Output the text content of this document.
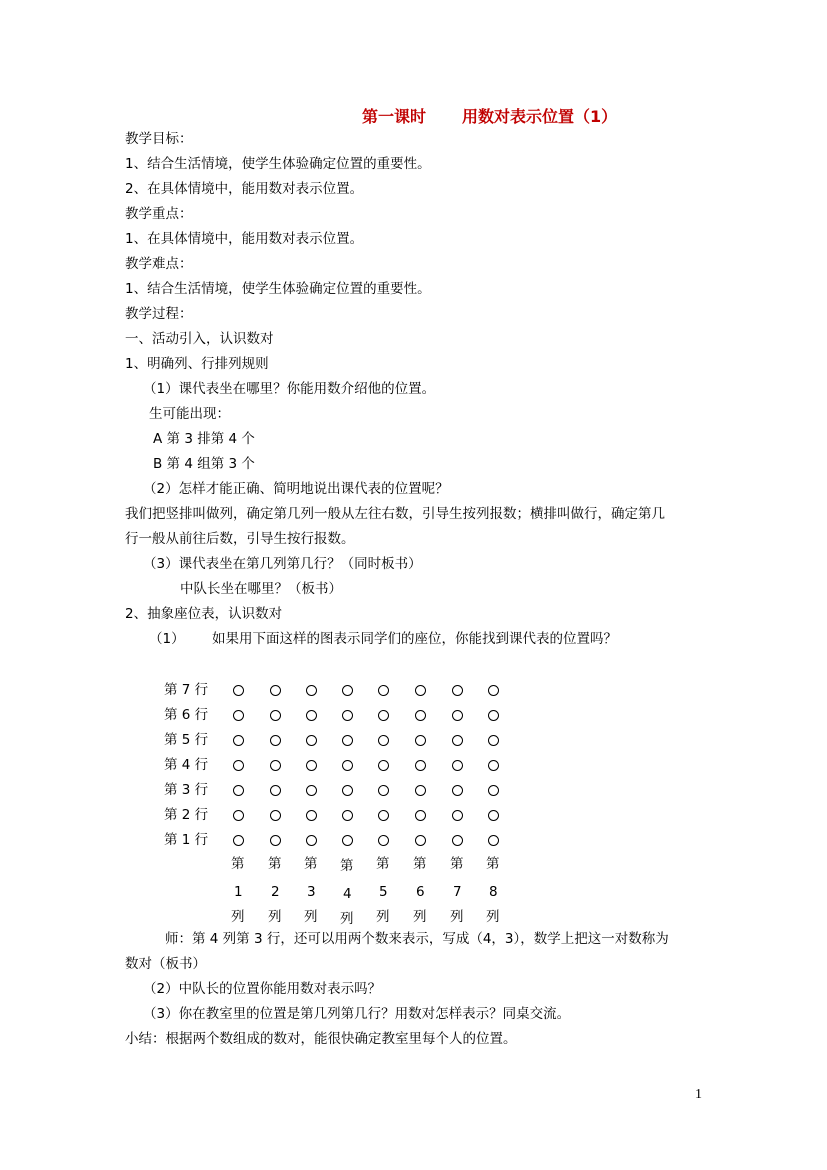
第一课时 用数对表示位置（1）
教学目标：
1、结合生活情境，使学生体验确定位置的重要性。
2、在具体情境中，能用数对表示位置。
教学重点：
1、在具体情境中，能用数对表示位置。
教学难点：
1、结合生活情境，使学生体验确定位置的重要性。
教学过程：
一、活动引入，认识数对
1、明确列、行排列规则
（1）课代表坐在哪里？你能用数介绍他的位置。
生可能出现：
A 第 3 排第 4 个
B 第 4 组第 3 个
（2）怎样才能正确、简明地说出课代表的位置呢？
我们把竖排叫做列，确定第几列一般从左往右数，引导生按列报数；横排叫做行，确定第几
行一般从前往后数，引导生按行报数。
（3）课代表坐在第几列第几行？（同时板书）
中队长坐在哪里？（板书）
2、抽象座位表，认识数对
（1） 如果用下面这样的图表示同学们的座位，你能找到课代表的位置吗？
第 7 行
第 6 行
第 5 行
第 4 行
第 3 行
第 2 行
第 1 行
第
1
列
第
2
列
第
3
列
第
4
列
第
5
列
第
6
列
第
7
列
第
8
列
师：第 4 列第 3 行，还可以用两个数来表示，写成（4，3），数学上把这一对数称为
数对（板书）
（2）中队长的位置你能用数对表示吗？
（3）你在教室里的位置是第几列第几行？用数对怎样表示？同桌交流。
小结：根据两个数组成的数对，能很快确定教室里每个人的位置。
1
